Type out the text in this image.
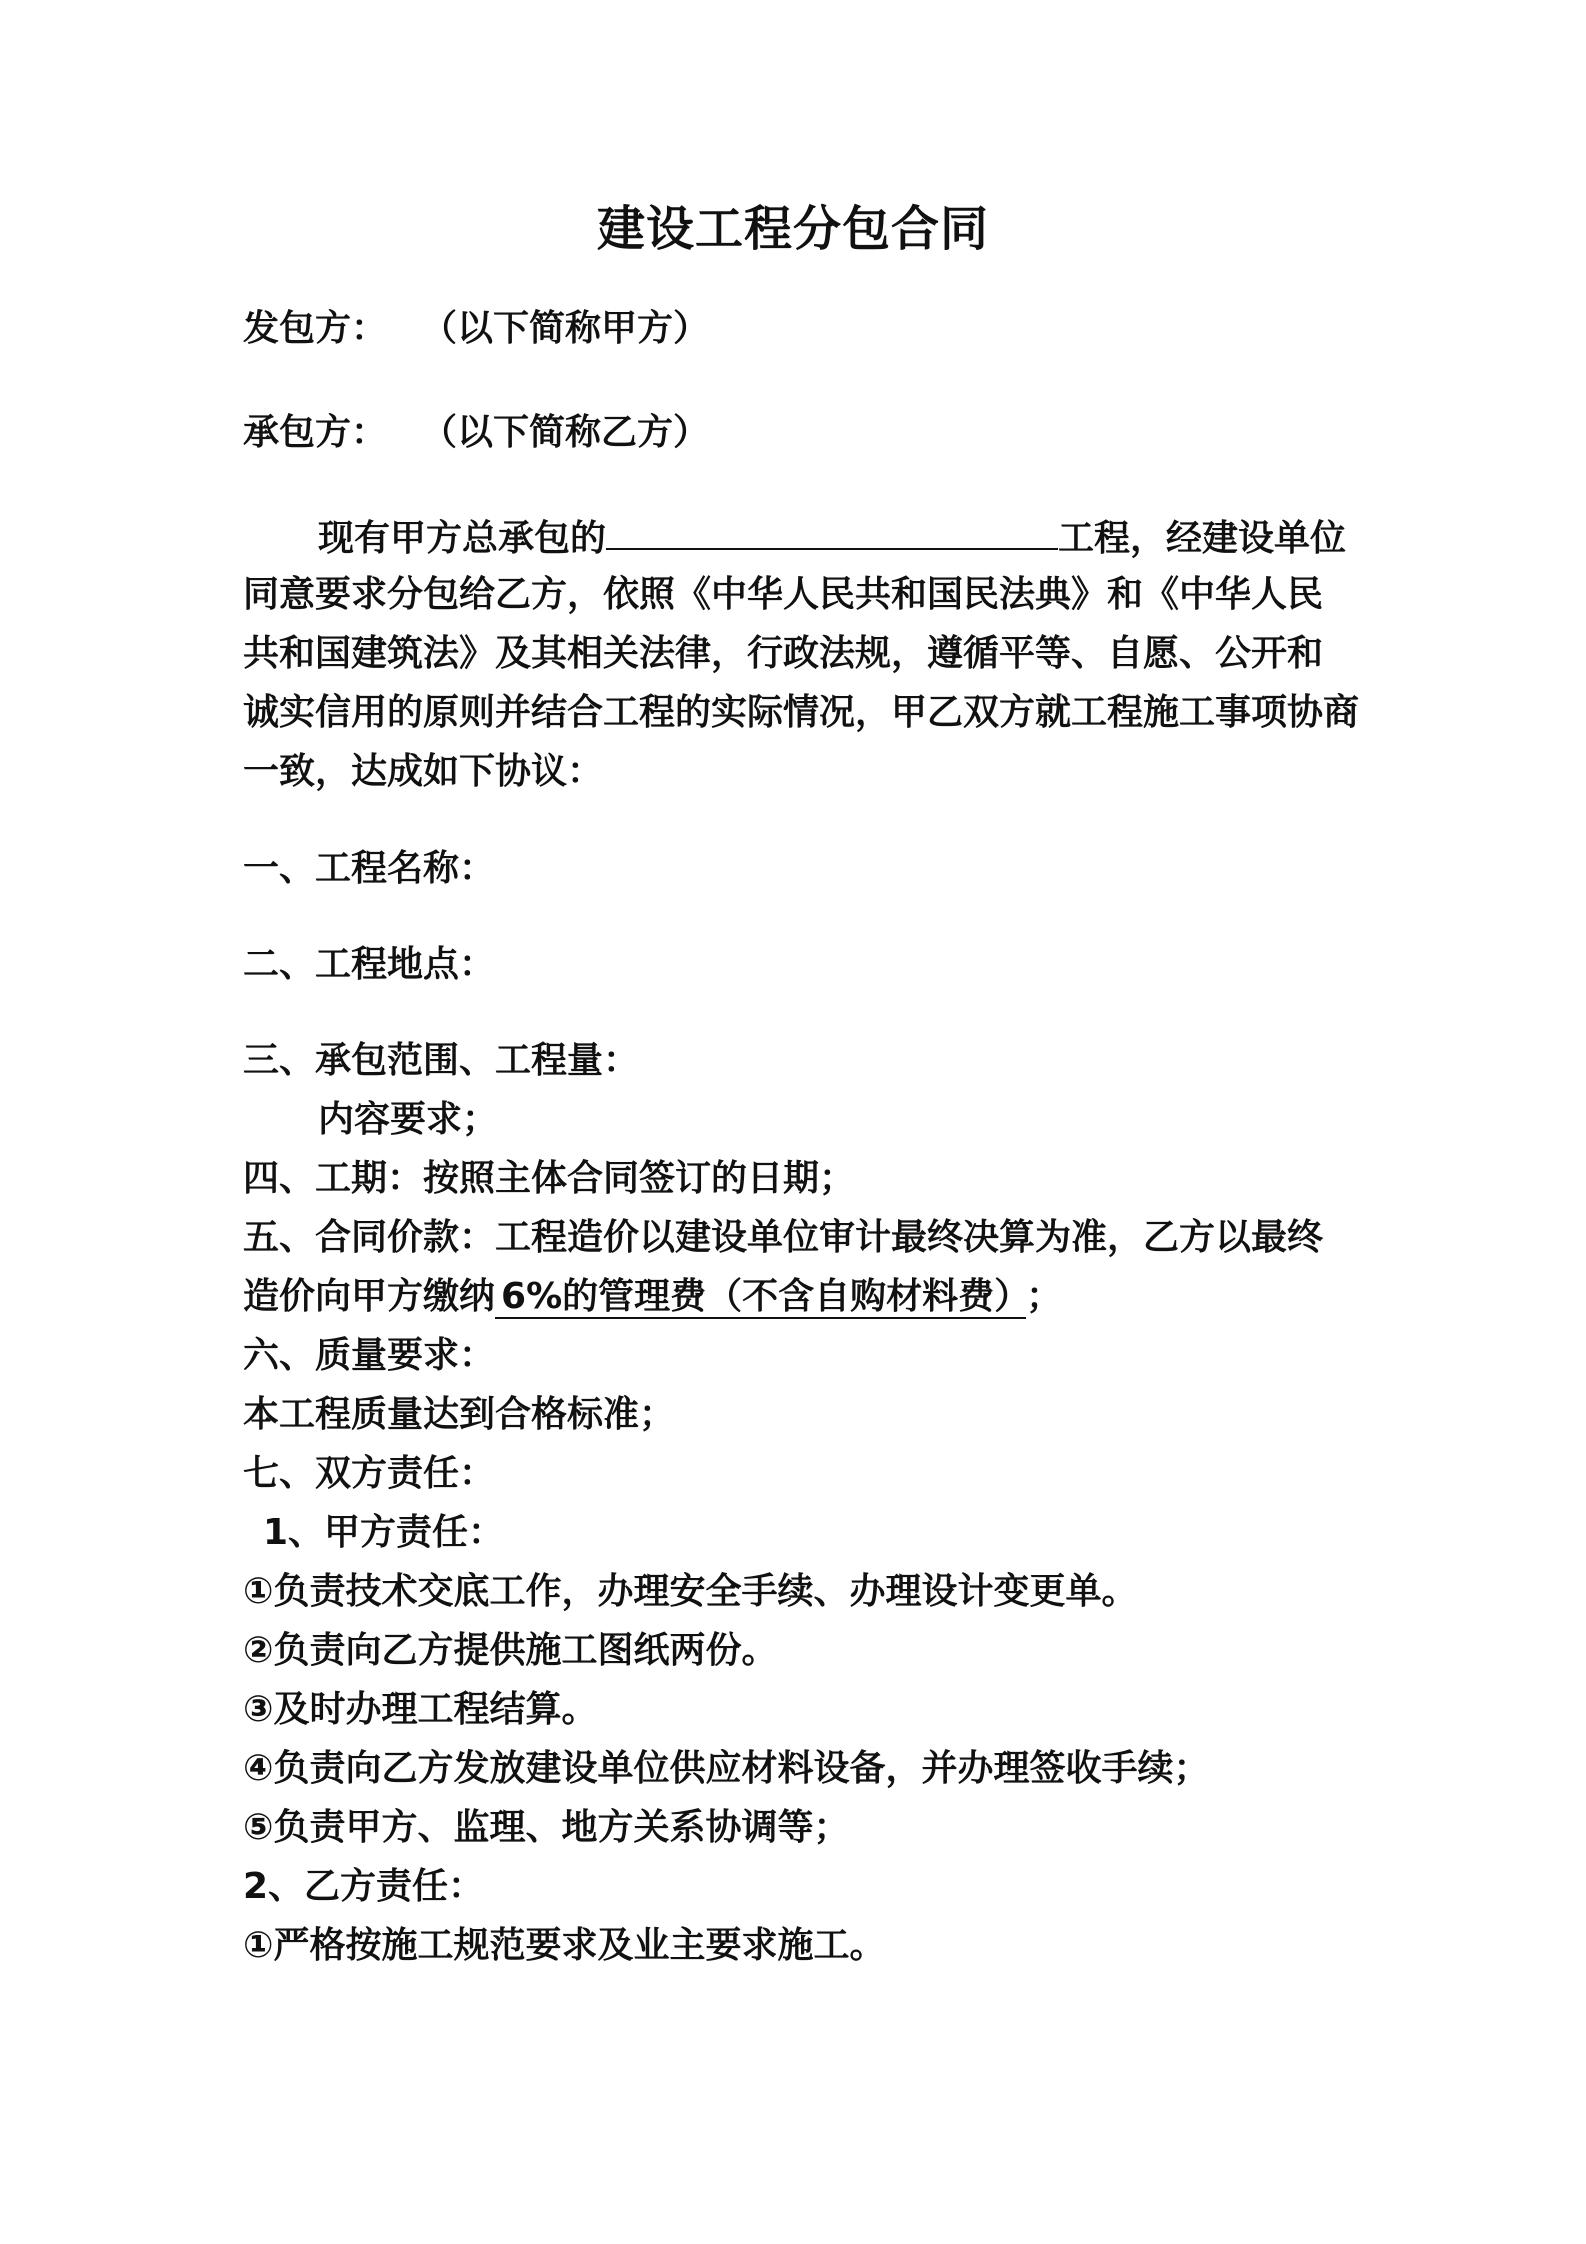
建设工程分包合同
发包方： （以下简称甲方）
承包方： （以下简称乙方）
现有甲方总承包的	工程，经建设单位
同意要求分包给乙方，依照《中华人民共和国民法典》和《中华人民
共和国建筑法》及其相关法律，行政法规，遵循平等、自愿、公开和
诚实信用的原则并结合工程的实际情况，甲乙双方就工程施工事项协商
一致，达成如下协议：
一、工程名称：
二、工程地点：
三、承包范围、工程量：
内容要求；
四、工期：按照主体合同签订的日期；
五、合同价款：工程造价以建设单位审计最终决算为准，乙方以最终
造价向甲方缴纳 6%的管理费（不含自购材料费） ；
六、质量要求：
本工程质量达到合格标准；
七、双方责任：
1、甲方责任：
①负责技术交底工作，办理安全手续、办理设计变更单。
②负责向乙方提供施工图纸两份。
③及时办理工程结算。
④负责向乙方发放建设单位供应材料设备，并办理签收手续；
⑤负责甲方、监理、地方关系协调等；
2、乙方责任：
①严格按施工规范要求及业主要求施工。
